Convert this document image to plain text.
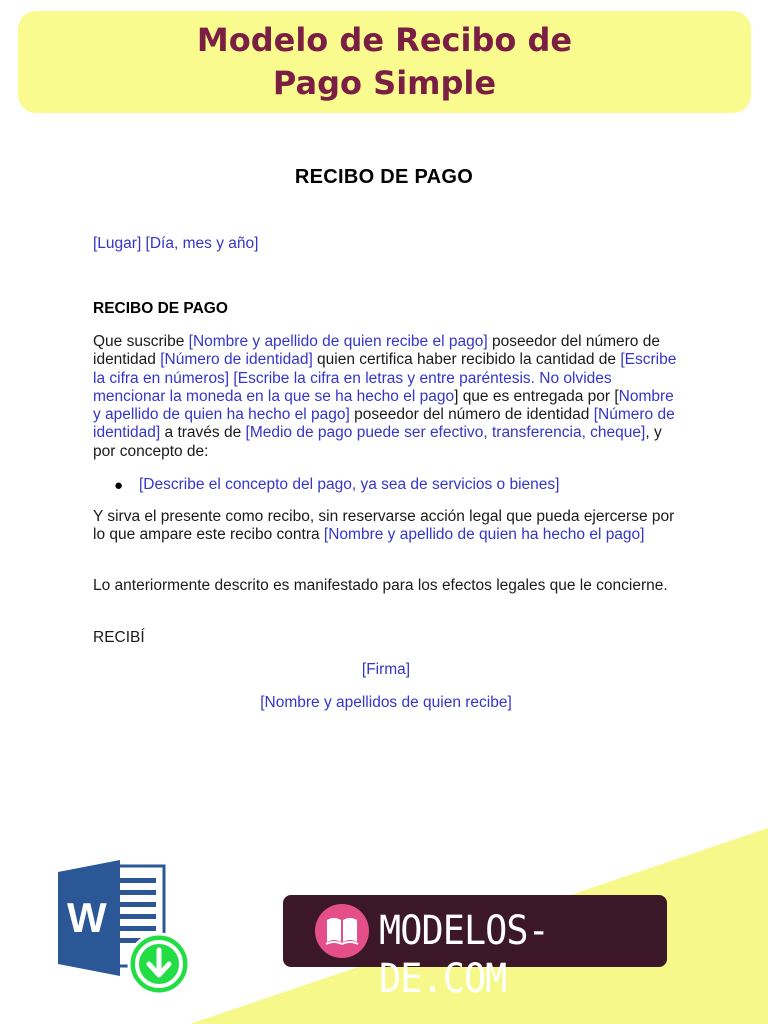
Modelo de Recibo de
Pago Simple
RECIBO DE PAGO
[Lugar] [Día, mes y año]
RECIBO DE PAGO
Que suscribe [Nombre y apellido de quien recibe el pago] poseedor del número de identidad [Número de identidad] quien certifica haber recibido la cantidad de [Escribe la cifra en números] [Escribe la cifra en letras y entre paréntesis. No olvides mencionar la moneda en la que se ha hecho el pago] que es entregada por [Nombre y apellido de quien ha hecho el pago] poseedor del número de identidad [Número de identidad] a través de [Medio de pago puede ser efectivo, transferencia, cheque], y por concepto de:
● [Describe el concepto del pago, ya sea de servicios o bienes]
Y sirva el presente como recibo, sin reservarse acción legal que pueda ejercerse por lo que ampare este recibo contra [Nombre y apellido de quien ha hecho el pago]
Lo anteriormente descrito es manifestado para los efectos legales que le concierne.
RECIBÍ
[Firma]
[Nombre y apellidos de quien recibe]
W	MODELOS-DE.COM
